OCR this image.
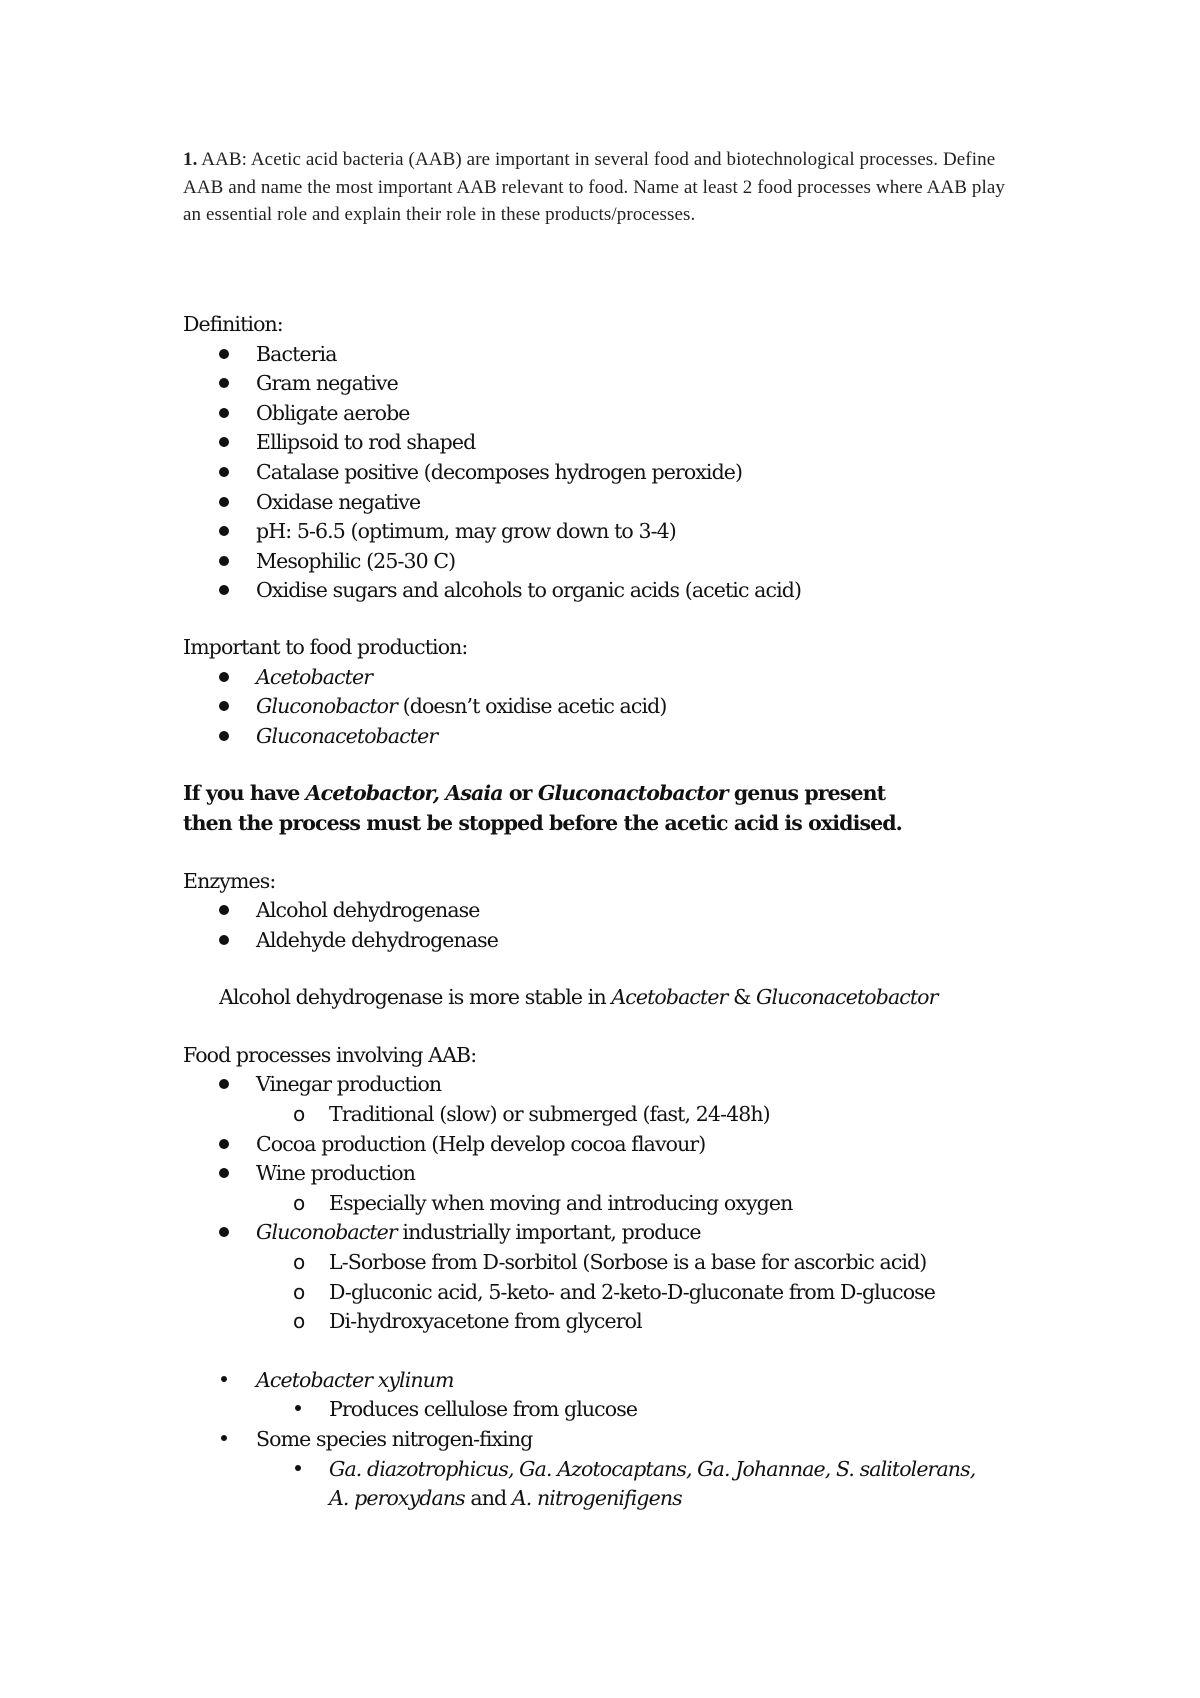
1. AAB: Acetic acid bacteria (AAB) are important in several food and biotechnological processes. Define AAB and name the most important AAB relevant to food. Name at least 2 food processes where AAB play an essential role and explain their role in these products/processes.

Definition:

Bacteria
Gram negative
Obligate aerobe
Ellipsoid to rod shaped
Catalase positive (decomposes hydrogen peroxide)
Oxidase negative
pH: 5-6.5 (optimum, may grow down to 3-4)
Mesophilic (25-30 C)
Oxidise sugars and alcohols to organic acids (acetic acid)

Important to food production:

Acetobacter
Gluconobactor (doesn’t oxidise acetic acid)
Gluconacetobacter

If you have Acetobactor, Asaia or Gluconactobactor genus present then the process must be stopped before the acetic acid is oxidised.

Enzymes:

Alcohol dehydrogenase
Aldehyde dehydrogenase

Alcohol dehydrogenase is more stable in Acetobacter & Gluconacetobactor

Food processes involving AAB:

Vinegar production
o Traditional (slow) or submerged (fast, 24-48h)
Cocoa production (Help develop cocoa flavour)
Wine production
o Especially when moving and introducing oxygen
Gluconobacter industrially important, produce
o L-Sorbose from D-sorbitol (Sorbose is a base for ascorbic acid)
o D-gluconic acid, 5-keto- and 2-keto-D-gluconate from D-glucose
o Di-hydroxyacetone from glycerol
Acetobacter xylinum
Produces cellulose from glucose
Some species nitrogen-fixing
Ga. diazotrophicus, Ga. Azotocaptans, Ga. Johannae, S. salitolerans,
A. peroxydans and A. nitrogenifigens
